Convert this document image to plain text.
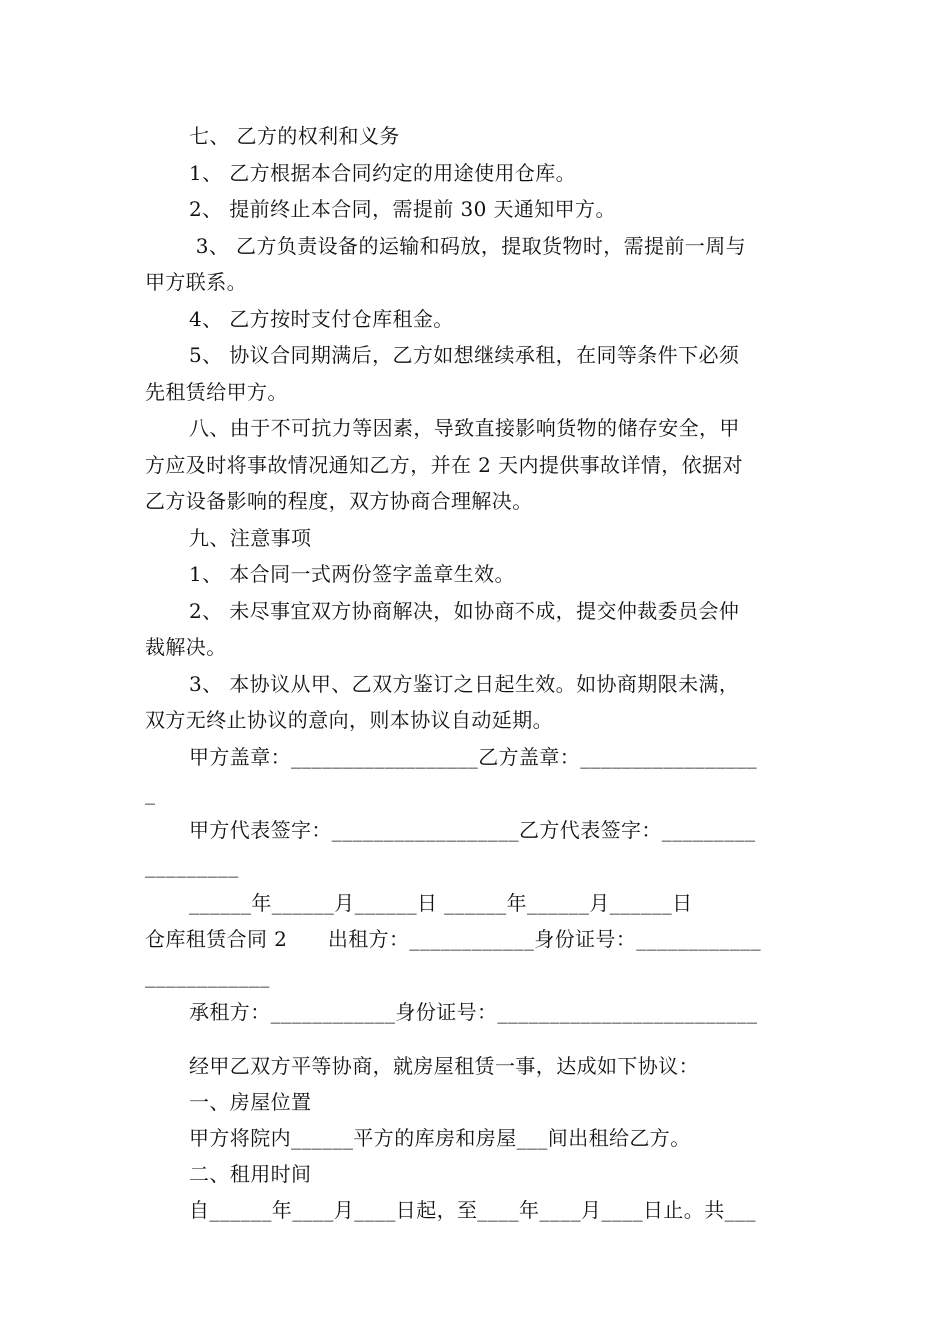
七、 乙方的权利和义务
1、 乙方根据本合同约定的用途使用仓库。
2、 提前终止本合同，需提前 30 天通知甲方。
3、 乙方负责设备的运输和码放，提取货物时，需提前一周与
甲方联系。
4、 乙方按时支付仓库租金。
5、 协议合同期满后，乙方如想继续承租，在同等条件下必须
先租赁给甲方。
八、由于不可抗力等因素，导致直接影响货物的储存安全，甲
方应及时将事故情况通知乙方，并在 2 天内提供事故详情，依据对
乙方设备影响的程度，双方协商合理解决。
九、注意事项
1、 本合同一式两份签字盖章生效。
2、 未尽事宜双方协商解决，如协商不成，提交仲裁委员会仲
裁解决。
3、 本协议从甲、乙双方鉴订之日起生效。如协商期限未满，
双方无终止协议的意向，则本协议自动延期。
甲方盖章：__________________乙方盖章：_________________
_
甲方代表签字：__________________乙方代表签字：_________
_________
______年______月______日 ______年______月______日
仓库租赁合同 2      出租方：____________身份证号：____________
____________
承租方：____________身份证号：_________________________
经甲乙双方平等协商，就房屋租赁一事，达成如下协议：
一、房屋位置
甲方将院内______平方的库房和房屋___间出租给乙方。
二、租用时间
自______年____月____日起，至____年____月____日止。共___
